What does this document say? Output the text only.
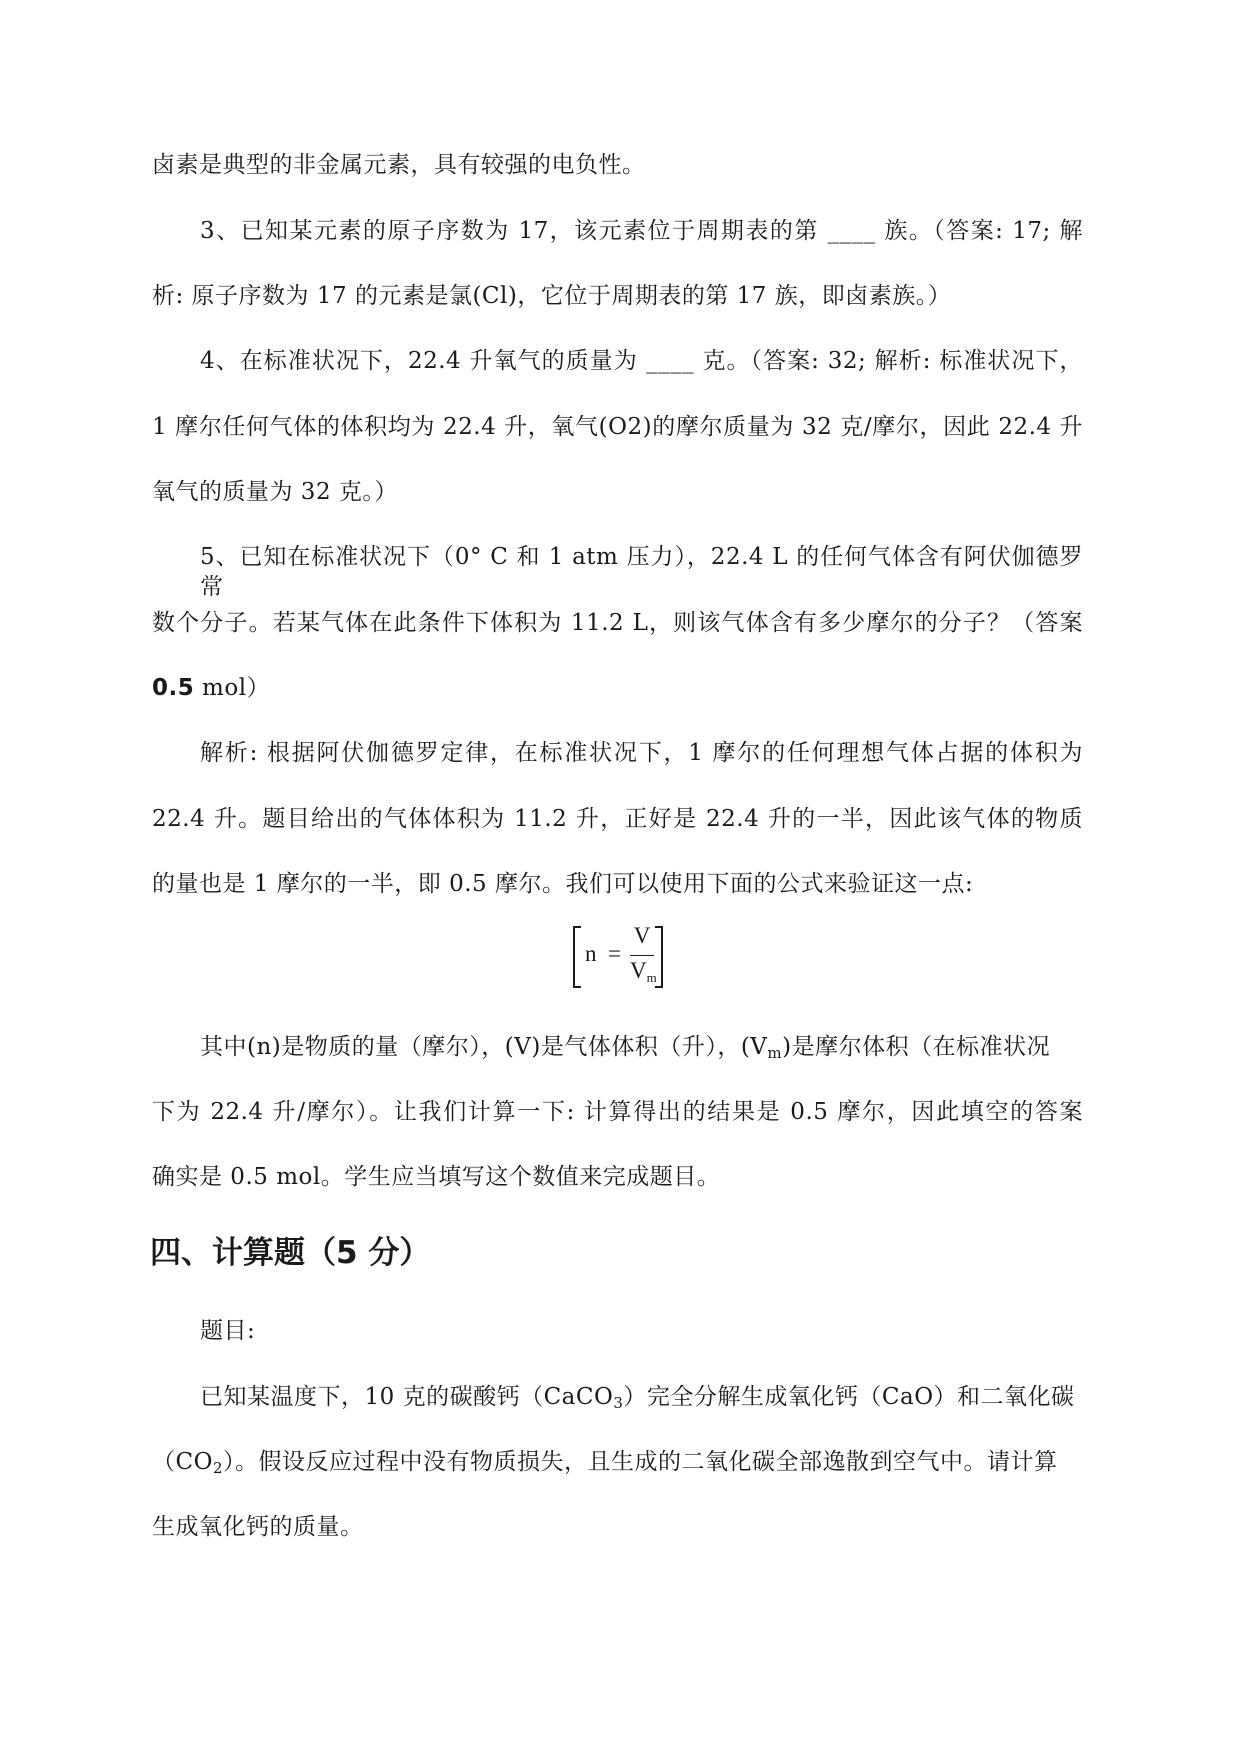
卤素是典型的非金属元素，具有较强的电负性。
3、已知某元素的原子序数为 17，该元素位于周期表的第 ____ 族。（答案: 17; 解
析: 原子序数为 17 的元素是氯(Cl)，它位于周期表的第 17 族，即卤素族。）
4、在标准状况下，22.4 升氧气的质量为 ____ 克。（答案: 32; 解析: 标准状况下，
1 摩尔任何气体的体积均为 22.4 升，氧气(O2)的摩尔质量为 32 克/摩尔，因此 22.4 升
氧气的质量为 32 克。）
5、已知在标准状况下（0° C 和 1 atm 压力），22.4 L 的任何气体含有阿伏伽德罗常
数个分子。若某气体在此条件下体积为 11.2 L，则该气体含有多少摩尔的分子？（答案
0.5 mol）
解析: 根据阿伏伽德罗定律，在标准状况下，1 摩尔的任何理想气体占据的体积为
22.4 升。题目给出的气体体积为 11.2 升，正好是 22.4 升的一半，因此该气体的物质
的量也是 1 摩尔的一半，即 0.5 摩尔。我们可以使用下面的公式来验证这一点:
n =
V
$V_m$
其中(n)是物质的量（摩尔），(V)是气体体积（升），$(V_m)$是摩尔体积（在标准状况
下为 22.4 升/摩尔）。让我们计算一下: 计算得出的结果是 0.5 摩尔，因此填空的答案
确实是 0.5 mol。学生应当填写这个数值来完成题目。
四、计算题（5 分）
题目:
已知某温度下，10 克的碳酸钙（CaCO$_3$）完全分解生成氧化钙（CaO）和二氧化碳
$(CO_2)$。假设反应过程中没有物质损失，且生成的二氧化碳全部逸散到空气中。请计算
生成氧化钙的质量。
